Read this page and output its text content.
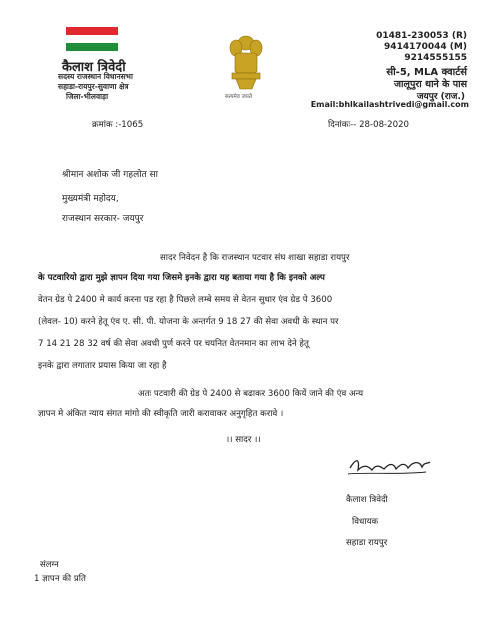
कैलाश त्रिवेदी
सदस्य राजस्थान विधानसभा
सहाडा-रायपुर-सुवाणा क्षेत्र
जिला-भीलवाड़ा	सत्यमेव जयते
01481-230053 (R)
9414170044 (M)
9214555155
सी-5, MLA क्वार्टर्स
जालूपुरा थाने के पास
जयपुर (राज.)
Email:bhlkailashtrivedi@gmail.com
क्रमांक :-1065	दिनांकः-- 28-08-2020
श्रीमान अशोक जी गहलोत सा
मुख्यमंत्री महोदय,
राजस्थान सरकार- जयपुर
सादर निवेदन है कि राजस्थान पटवार संघ शाखा सहाडा रायपुर
के पटवारियो द्वारा मुझे ज्ञापन दिया गया जिसमे इनके द्वारा यह बताया गया है कि इनको अल्प
वेतन ग्रेड पे 2400 मे कार्य करना पड रहा है पिछले लम्बे समय से वेतन सुधार एंव ग्रेड पे 3600
(लेवल- 10) करने हेतू एंव ए. सी. पी. योजना के अन्तर्गत 9 18 27 की सेवा अवधी के स्थान पर
7 14 21 28 32 वर्ष की सेवा अवधी पुर्ण करने पर चयनित वेतनमान का लाभ देने हेतू
इनके द्वारा लगातार प्रयास किया जा रहा है
अतः पटवारी की ग्रेड पे 2400 से बढाकर 3600 कियें जाने की एंव अन्य
ज्ञापन मे अंकित न्याय संगत मांगो की स्वीकृति जारी करावाकर अनुगृहित करावे ।
।। सादर ।।
कैलाश त्रिवेदी
विधायक
सहाडा रायपुर
संलग्न
1 ज्ञापन की प्रति
